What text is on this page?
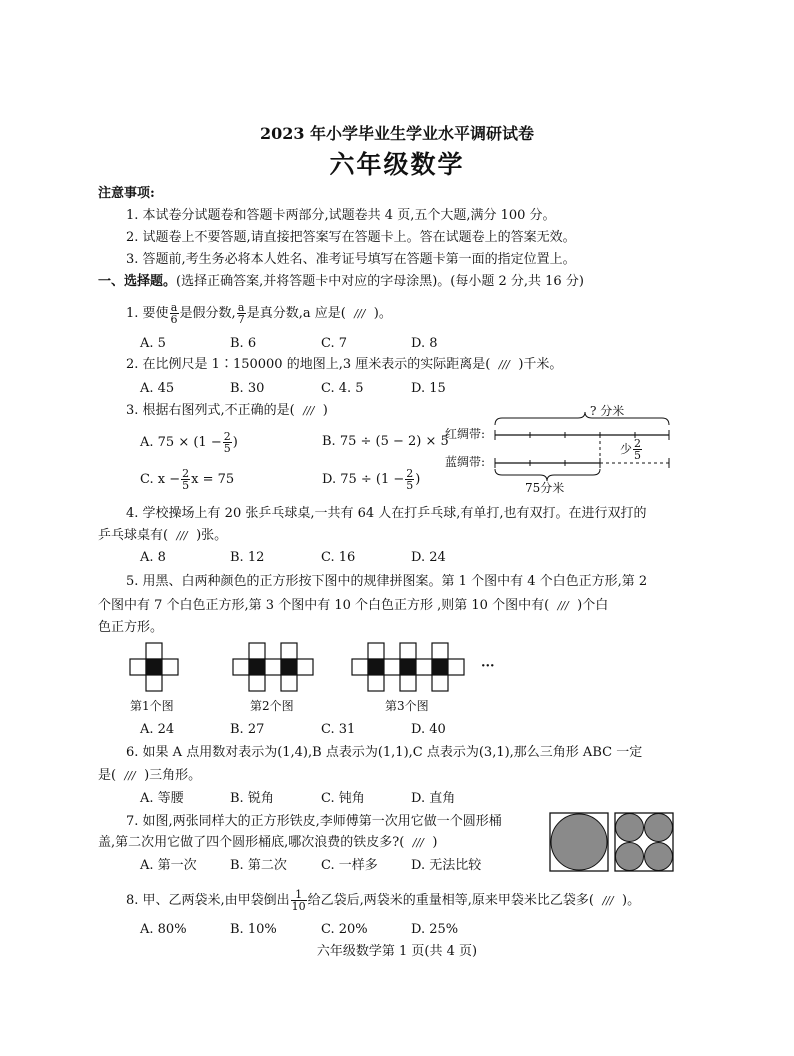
2023 年小学毕业生学业水平调研试卷
六年级数学
注意事项:
1. 本试卷分试题卷和答题卡两部分,试题卷共 4 页,五个大题,满分 100 分。
2. 试题卷上不要答题,请直接把答案写在答题卡上。答在试题卷上的答案无效。
3. 答题前,考生务必将本人姓名、准考证号填写在答题卡第一面的指定位置上。
一、选择题。(选择正确答案,并将答题卡中对应的字母涂黑)。(每小题 2 分,共 16 分)
1. 要使 $\frac{a}{6}$ 是假分数, $\frac{a}{7}$ 是真分数,a 应是( /// )。
A. 5	B. 6	C. 7	D. 8
2. 在比例尺是 1∶150000 的地图上,3 厘米表示的实际距离是( /// )千米。
A. 45	B. 30	C. 4. 5	D. 15
3. 根据右图列式,不正确的是( /// )
A. $75 \times (1 - \frac{2}{5}$ )	B. 75 ÷ (5 − 2) × 5
C. $x - \frac{2}{5}$ x = 75	D. $75 \div (1 - \frac{2}{5}$ )
? 分米
红绸带:
蓝绸带:
少 $\frac{2}{5}$
75分米
4. 学校操场上有 20 张乒乓球桌,一共有 64 人在打乒乓球,有单打,也有双打。在进行双打的
乒乓球桌有( /// )张。
A. 8	B. 12	C. 16	D. 24
5. 用黑、白两种颜色的正方形按下图中的规律拼图案。第 1 个图中有 4 个白色正方形,第 2
个图中有 7 个白色正方形,第 3 个图中有 10 个白色正方形 ,则第 10 个图中有( /// )个白
色正方形。
···
第1个图	第2个图	第3个图
A. 24	B. 27	C. 31	D. 40
6. 如果 A 点用数对表示为(1,4),B 点表示为(1,1),C 点表示为(3,1),那么三角形 ABC 一定
是( /// )三角形。
A. 等腰	B. 锐角	C. 钝角	D. 直角
7. 如图,两张同样大的正方形铁皮,李师傅第一次用它做一个圆形桶
盖,第二次用它做了四个圆形桶底,哪次浪费的铁皮多?( /// )
A. 第一次	B. 第二次	C. 一样多	D. 无法比较
8. 甲、乙两袋米,由甲袋倒出 $\frac{1}{10}$ 给乙袋后,两袋米的重量相等,原来甲袋米比乙袋多( /// )。
A. 80%	B. 10%	C. 20%	D. 25%
六年级数学第 1 页(共 4 页)
